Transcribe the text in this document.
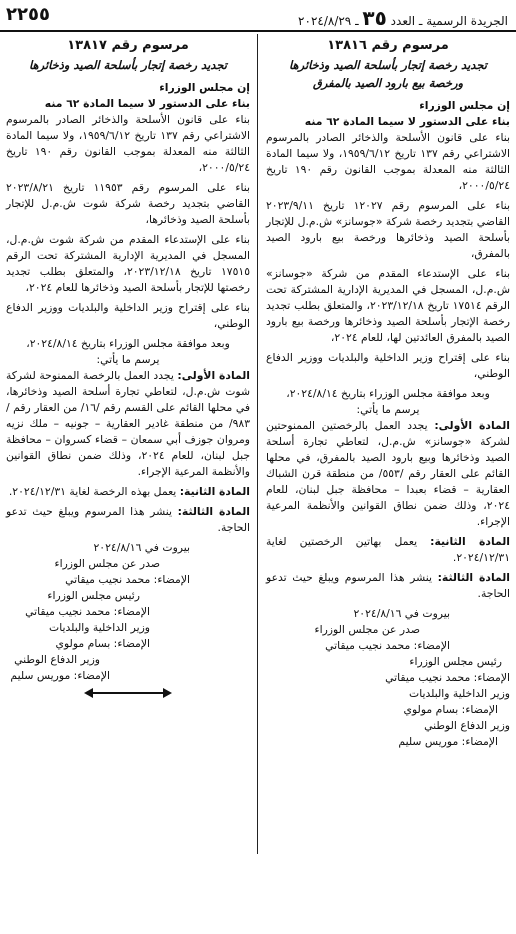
الجريدة الرسمية ـ العدد ٣٥ ـ ٢٠٢٤/٨/٢٩
٢٢٥٥
مرسوم رقم ١٣٨١٦
تجديد رخصة إتجار بأسلحة الصيد وذخائرها
ورخصة بيع بارود الصيد بالمفرق
إن مجلس الوزراء
بناء على الدستور لا سيما المادة ٦٢ منه

بناء على قانون الأسلحة والذخائر الصادر بالمرسوم الاشتراعي رقم ١٣٧ تاريخ ١٩٥٩/٦/١٢، ولا سيما المادة الثالثة منه المعدلة بموجب القانون رقم ١٩٠ تاريخ ٢٠٠٠/٥/٢٤،

بناء على المرسوم رقم ١٢٠٢٧ تاريخ ٢٠٢٣/٩/١١ القاضي بتجديد رخصة شركة «جوسانز» ش.م.ل للإتجار بأسلحة الصيد وذخائرها ورخصة بيع بارود الصيد بالمفرق،

بناء على الإستدعاء المقدم من شركة «جوسانز» ش.م.ل، المسجل في المديرية الإدارية المشتركة تحت الرقم ١٧٥١٤ تاريخ ٢٠٢٣/١٢/١٨، والمتعلق بطلب تجديد رخصة الإتجار بأسلحة الصيد وذخائرها ورخصة بيع بارود الصيد بالمفرق العائدتين لها، للعام ٢٠٢٤،

بناء على إقتراح وزير الداخلية والبلديات ووزير الدفاع الوطني،

وبعد موافقة مجلس الوزراء بتاريخ ٢٠٢٤/٨/١٤،
يرسم ما يأتي:

المادة الأولى: يجدد العمل بالرخصتين الممنوحتين لشركة «جوسانز» ش.م.ل، لتعاطي تجارة أسلحة الصيد وذخائرها وبيع بارود الصيد بالمفرق، في محلها القائم على العقار رقم /٥٥٣/ من منطقة قرن الشباك العقارية – قضاء بعبدا – محافظة جبل لبنان، للعام ٢٠٢٤، وذلك ضمن نطاق القوانين والأنظمة المرعية الإجراء.

المادة الثانية: يعمل بهاتين الرخصتين لغاية ٢٠٢٤/١٢/٣١.

المادة الثالثة: ينشر هذا المرسوم ويبلغ حيث تدعو الحاجة.

بيروت في ٢٠٢٤/٨/١٦
صدر عن مجلس الوزراء
الإمضاء: محمد نجيب ميقاتي
رئيس مجلس الوزراء
الإمضاء: محمد نجيب ميقاتي
وزير الداخلية والبلديات
الإمضاء: بسام مولوي
وزير الدفاع الوطني
الإمضاء: موريس سليم
مرسوم رقم ١٣٨١٧
تجديد رخصة إتجار بأسلحة الصيد وذخائرها
إن مجلس الوزراء
بناء على الدستور لا سيما المادة ٦٢ منه

بناء على قانون الأسلحة والذخائر الصادر بالمرسوم الاشتراعي رقم ١٣٧ تاريخ ١٩٥٩/٦/١٢، ولا سيما المادة الثالثة منه المعدلة بموجب القانون رقم ١٩٠ تاريخ ٢٠٠٠/٥/٢٤،

بناء على المرسوم رقم ١١٩٥٣ تاريخ ٢٠٢٣/٨/٢١ القاضي بتجديد رخصة شركة شوت ش.م.ل للإتجار بأسلحة الصيد وذخائرها،

بناء على الإستدعاء المقدم من شركة شوت ش.م.ل، المسجل في المديرية الإدارية المشتركة تحت الرقم ١٧٥١٥ تاريخ ٢٠٢٣/١٢/١٨، والمتعلق بطلب تجديد رخصتها للإتجار بأسلحة الصيد وذخائرها للعام ٢٠٢٤،

بناء على إقتراح وزير الداخلية والبلديات ووزير الدفاع الوطني،

وبعد موافقة مجلس الوزراء بتاريخ ٢٠٢٤/٨/١٤،
يرسم ما يأتي:

المادة الأولى: يجدد العمل بالرخصة الممنوحة لشركة شوت ش.م.ل، لتعاطي تجارة أسلحة الصيد وذخائرها، في محلها القائم على القسم رقم /١٦/ من العقار رقم /٩٨٣/ من منطقة غادير العقارية – جونيه – ملك نزيه ومروان جوزف أبي سمعان – قضاء كسروان – محافظة جبل لبنان، للعام ٢٠٢٤، وذلك ضمن نطاق القوانين والأنظمة المرعية الإجراء.

المادة الثانية: يعمل بهذه الرخصة لغاية ٢٠٢٤/١٢/٣١.

المادة الثالثة: ينشر هذا المرسوم ويبلغ حيث تدعو الحاجة.

بيروت في ٢٠٢٤/٨/١٦
صدر عن مجلس الوزراء
الإمضاء: محمد نجيب ميقاتي
رئيس مجلس الوزراء
الإمضاء: محمد نجيب ميقاتي
وزير الداخلية والبلديات
الإمضاء: بسام مولوي
وزير الدفاع الوطني
الإمضاء: موريس سليم
